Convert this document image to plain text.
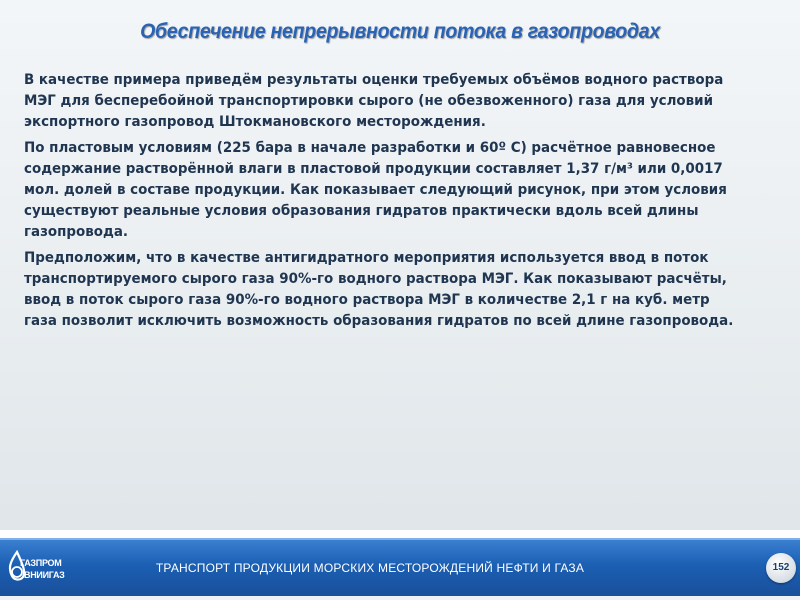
Обеспечение непрерывности потока в газопроводах

В качестве примера приведём результаты оценки требуемых объёмов водного раствора МЭГ для бесперебойной транспортировки сырого (не обезвоженного) газа для условий экспортного газопровод Штокмановского месторождения.

По пластовым условиям (225 бара в начале разработки и 60º С) расчётное равновесное содержание растворённой влаги в пластовой продукции составляет 1,37 г/м³ или 0,0017 мол. долей в составе продукции. Как показывает следующий рисунок, при этом условия существуют реальные условия образования гидратов практически вдоль всей длины газопровода.

Предположим, что в качестве антигидратного мероприятия используется ввод в поток транспортируемого сырого газа 90%-го водного раствора МЭГ. Как показывают расчёты, ввод в поток сырого газа 90%-го водного раствора МЭГ в количестве 2,1 г на куб. метр газа позволит исключить возможность образования гидратов по всей длине газопровода.

ГАЗПРОМ
ВНИИГАЗ	ТРАНСПОРТ ПРОДУКЦИИ МОРСКИХ МЕСТОРОЖДЕНИЙ НЕФТИ И ГАЗА	152
